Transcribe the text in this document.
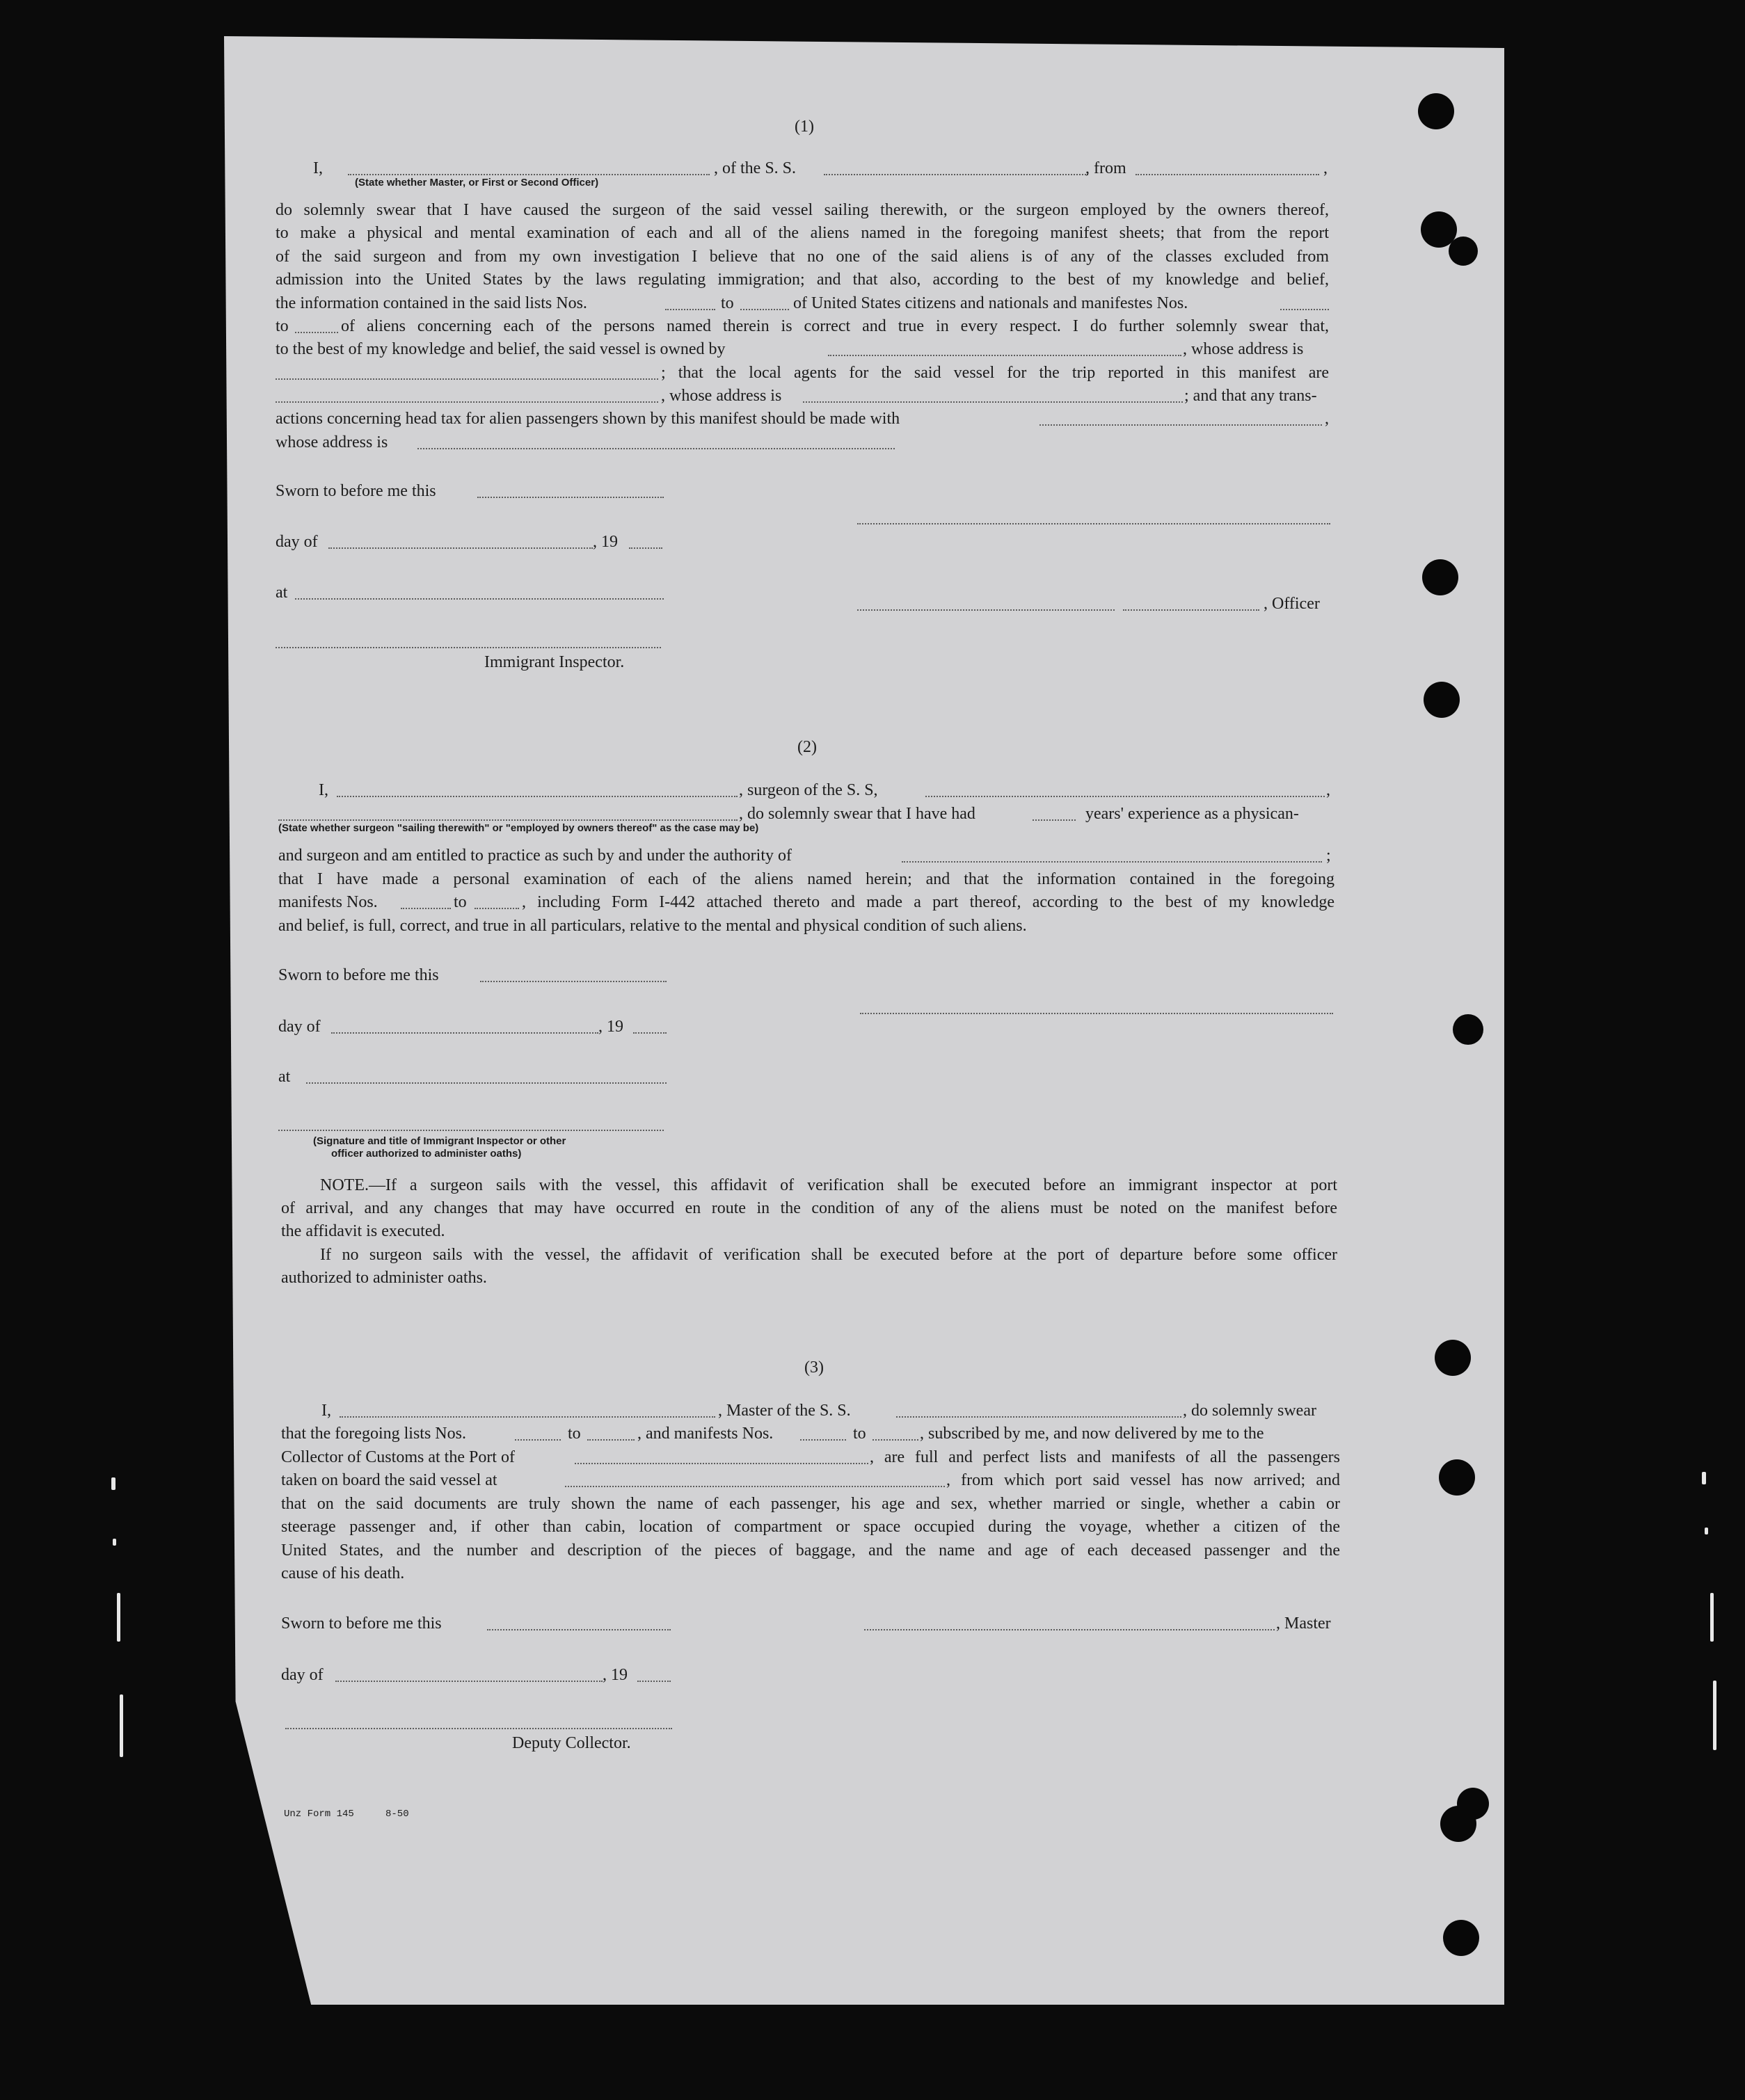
(1)
I,	, of the S. S.	, from	,
(State whether Master, or First or Second Officer)
do solemnly swear that I have caused the surgeon of the said vessel sailing therewith, or the surgeon employed by the owners thereof,
to make a physical and mental examination of each and all of the aliens named in the foregoing manifest sheets; that from the report
of the said surgeon and from my own investigation I believe that no one of the said aliens is of any of the classes excluded from
admission into the United States by the laws regulating immigration; and that also, according to the best of my knowledge and belief,
the information contained in the said lists Nos.	to	of United States citizens and nationals and manifestes Nos.
to	of aliens concerning each of the persons named therein is correct and true in every respect. I do further solemnly swear that,
to the best of my knowledge and belief, the said vessel is owned by	, whose address is
; that the local agents for the said vessel for the trip reported in this manifest are
, whose address is	; and that any trans-
actions concerning head tax for alien passengers shown by this manifest should be made with	,
whose address is
Sworn to before me this
day of	, 19
at
, Officer
Immigrant Inspector.
(2)
I,	, surgeon of the S. S,	,
, do solemnly swear that I have had	years' experience as a physican-
(State whether surgeon "sailing therewith" or "employed by owners thereof" as the case may be)
and surgeon and am entitled to practice as such by and under the authority of	;
that I have made a personal examination of each of the aliens named herein; and that the information contained in the foregoing
manifests Nos.	to	, including Form I-442 attached thereto and made a part thereof, according to the best of my knowledge
and belief, is full, correct, and true in all particulars, relative to the mental and physical condition of such aliens.
Sworn to before me this
day of	, 19
at
(Signature and title of Immigrant Inspector or other
officer authorized to administer oaths)
NOTE.—If a surgeon sails with the vessel, this affidavit of verification shall be executed before an immigrant inspector at port
of arrival, and any changes that may have occurred en route in the condition of any of the aliens must be noted on the manifest before
the affidavit is executed.
If no surgeon sails with the vessel, the affidavit of verification shall be executed before at the port of departure before some officer
authorized to administer oaths.
(3)
I,	, Master of the S. S.	, do solemnly swear
that the foregoing lists Nos.	to	, and manifests Nos.	to	, subscribed by me, and now delivered by me to the
Collector of Customs at the Port of	, are full and perfect lists and manifests of all the passengers
taken on board the said vessel at	, from which port said vessel has now arrived; and
that on the said documents are truly shown the name of each passenger, his age and sex, whether married or single, whether a cabin or
steerage passenger and, if other than cabin, location of compartment or space occupied during the voyage, whether a citizen of the
United States, and the number and description of the pieces of baggage, and the name and age of each deceased passenger and the
cause of his death.
Sworn to before me this	, Master
day of	, 19
Deputy Collector.
Unz Form 145	8-50
